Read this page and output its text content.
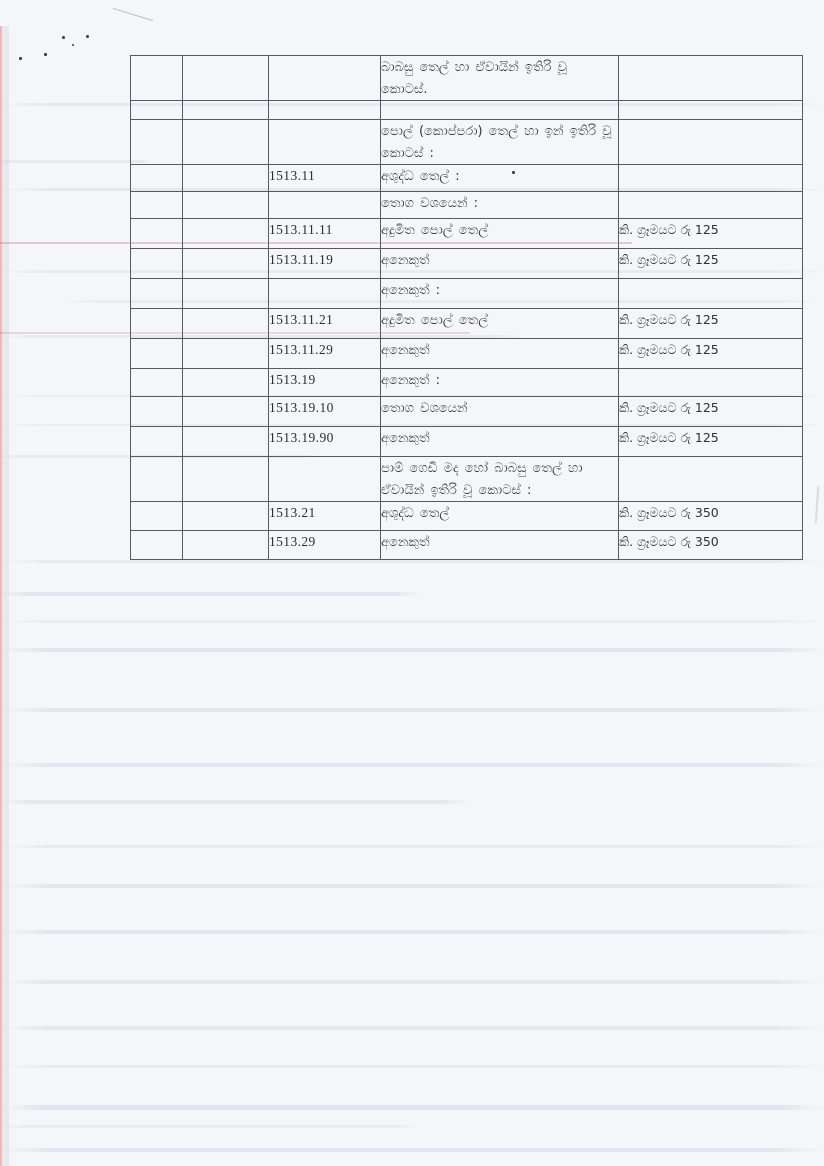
			බාබසු තෙල් හා ඒවායින් ඉතිරි වූ කොටස්.	

			පොල් (කොප්පරා) තෙල් හා ඉන් ඉතිරි වූ කොටස් :	
		1513.11	අශුද්ධ තෙල් :	
			තොග වශයෙන් :	
		1513.11.11	අදුමිත පොල් තෙල්	කි. ග්‍රෑමයට රු 125
		1513.11.19	අනෙකුත්	කි. ග්‍රෑමයට රු 125
			අනෙකුත් :	
		1513.11.21	අදුමිත පොල් තෙල්	කි. ග්‍රෑමයට රු 125
		1513.11.29	අනෙකුත්	කි. ග්‍රෑමයට රු 125
		1513.19	අනෙකුත් :	
		1513.19.10	තොග වශයෙන්	කි. ග්‍රෑමයට රු 125
		1513.19.90	අනෙකුත්	කි. ග්‍රෑමයට රු 125
			පාම් ගෙඩි මද හෝ බාබසු තෙල් හා ඒවායින් ඉතිරි වූ කොටස් :	
		1513.21	අශුද්ධ තෙල්	කි. ග්‍රෑමයට රු 350
		1513.29	අනෙකුත්	කි. ග්‍රෑමයට රු 350
